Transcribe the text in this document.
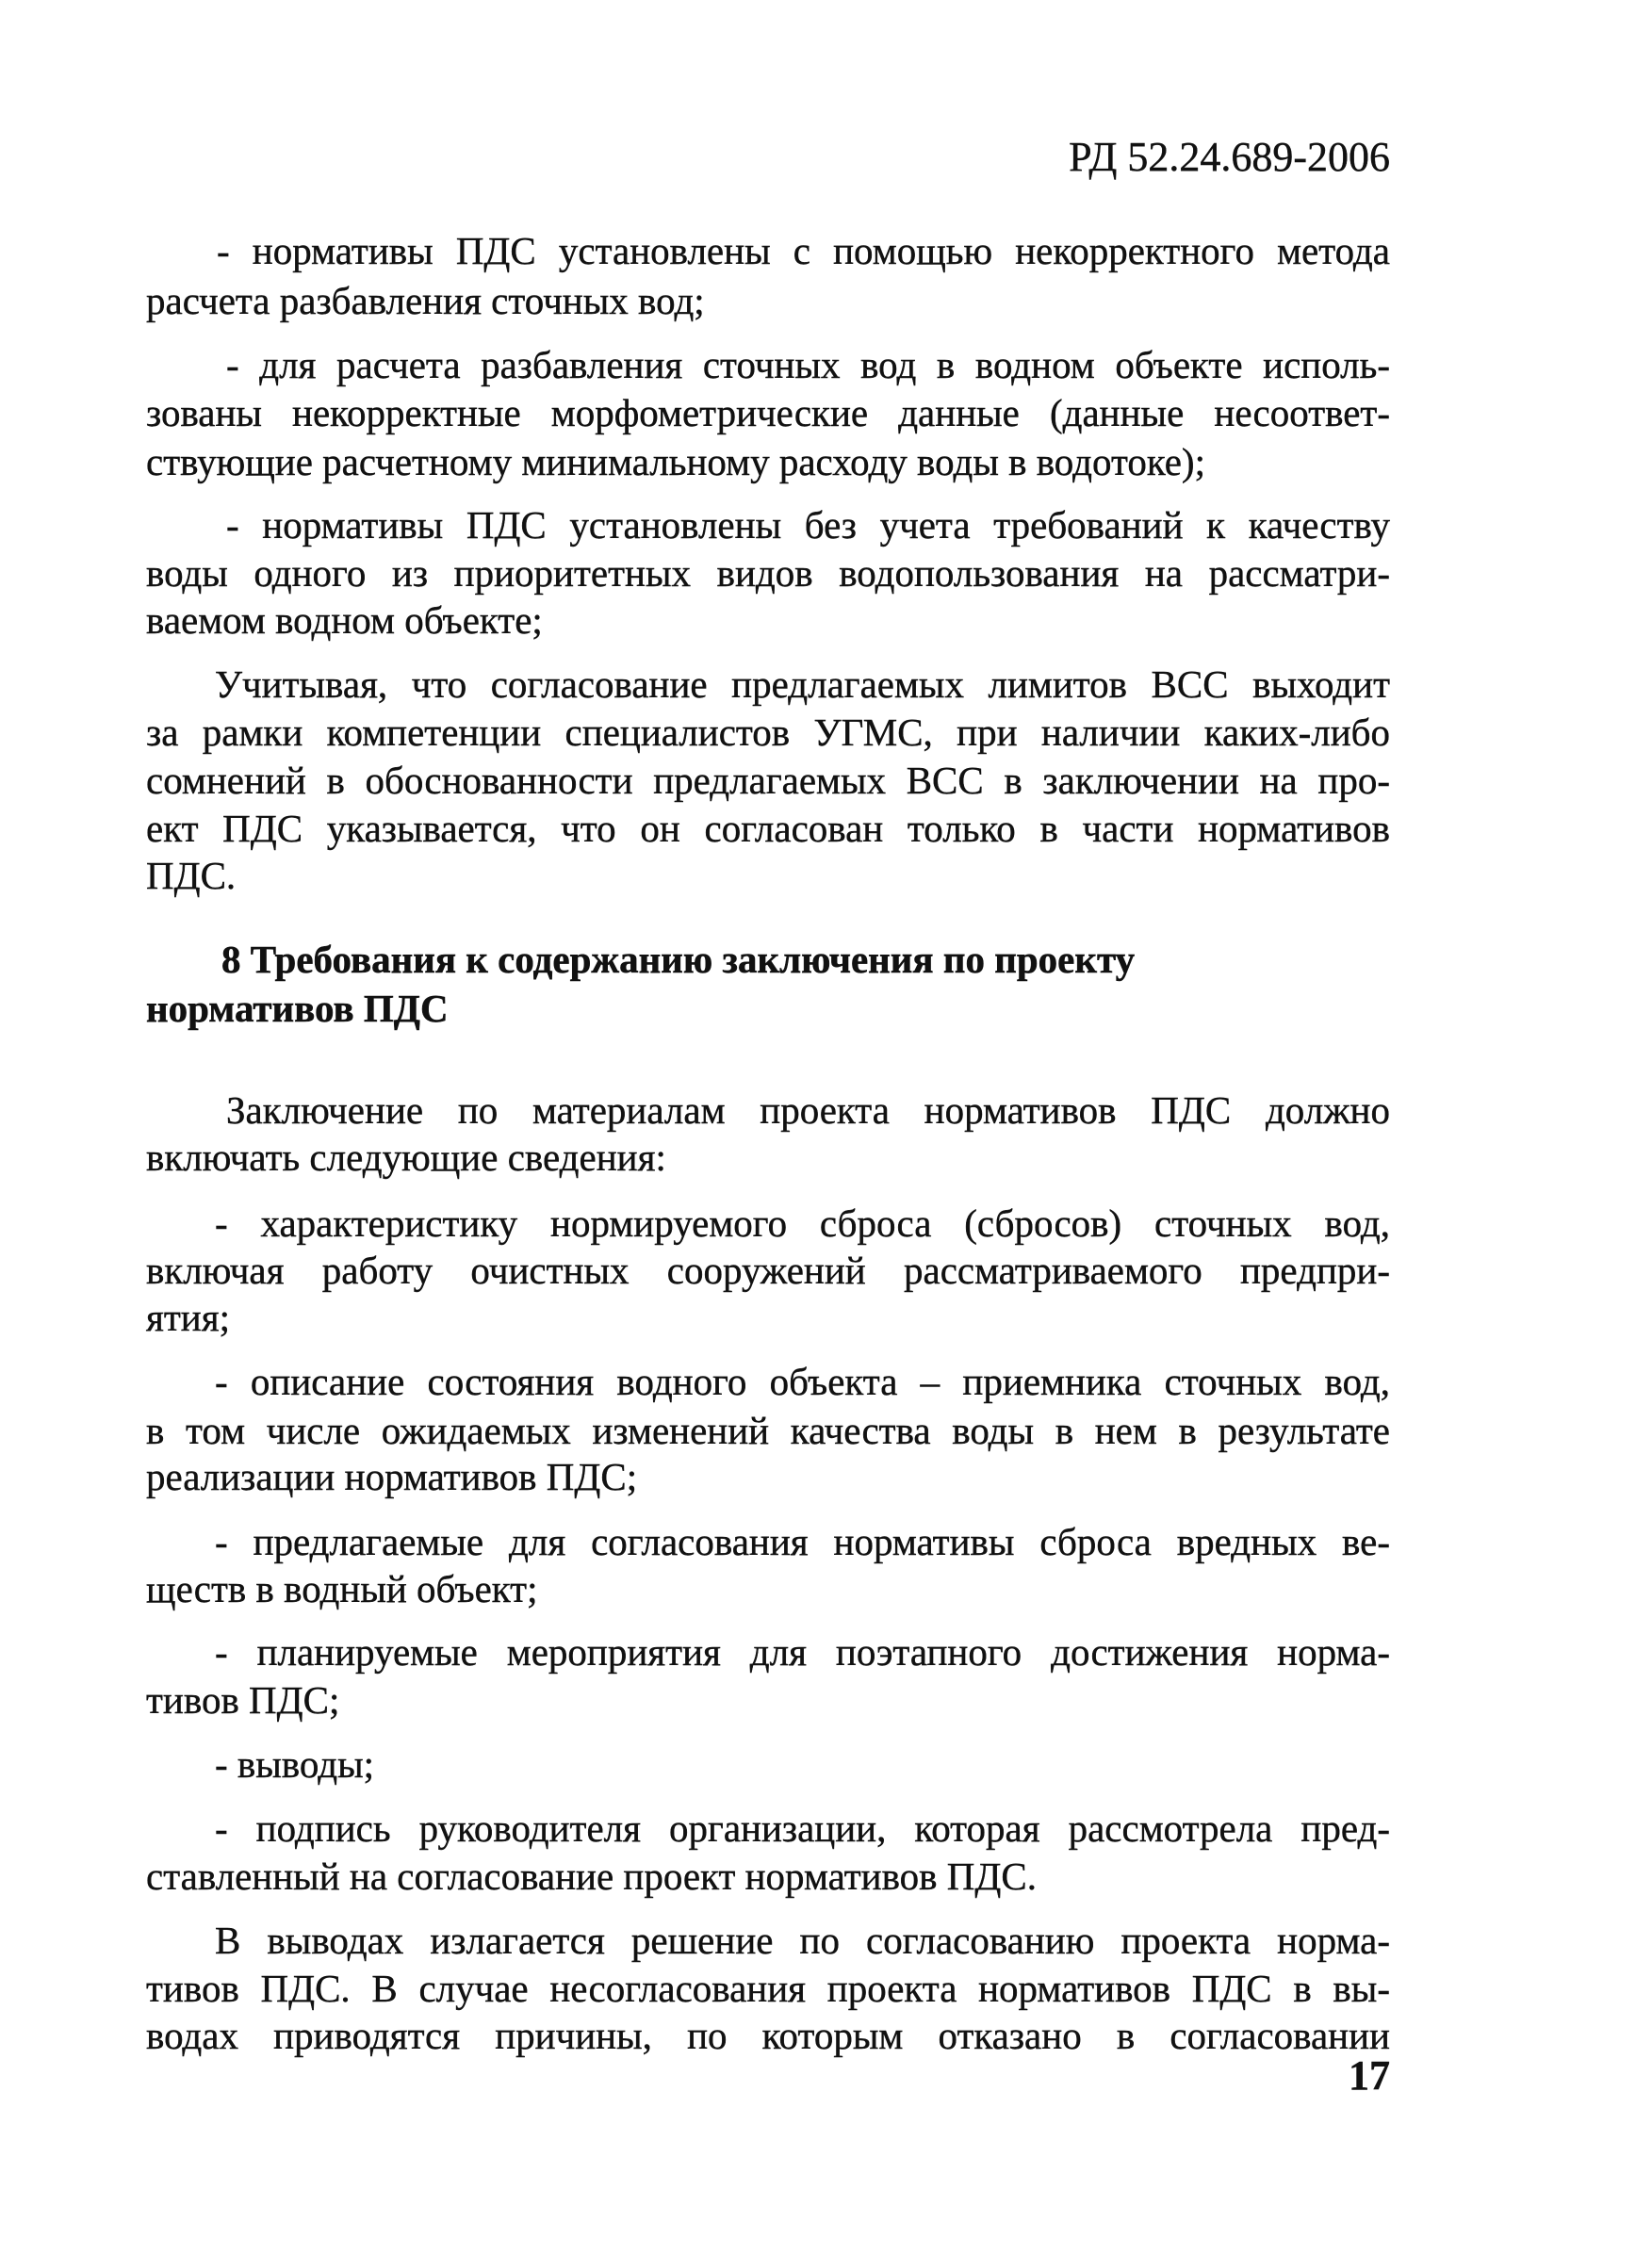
РД 52.24.689-2006
- нормативы ПДС установлены с помощью некорректного метода
расчета разбавления сточных вод;
- для расчета разбавления сточных вод в водном объекте исполь-
зованы некорректные морфометрические данные (данные несоответ-
ствующие расчетному минимальному расходу воды в водотоке);
- нормативы ПДС установлены без учета требований к качеству
воды одного из приоритетных видов водопользования на рассматри-
ваемом водном объекте;
Учитывая, что согласование предлагаемых лимитов ВСС выходит
за рамки компетенции специалистов УГМС, при наличии каких-либо
сомнений в обоснованности предлагаемых ВСС в заключении на про-
ект ПДС указывается, что он согласован только в части нормативов
ПДС.
8 Требования к содержанию заключения по проекту
нормативов ПДС
Заключение по материалам проекта нормативов ПДС должно
включать следующие сведения:
- характеристику нормируемого сброса (сбросов) сточных вод,
включая работу очистных сооружений рассматриваемого предпри-
ятия;
- описание состояния водного объекта – приемника сточных вод,
в том числе ожидаемых изменений качества воды в нем в результате
реализации нормативов ПДС;
- предлагаемые для согласования нормативы сброса вредных ве-
ществ в водный объект;
- планируемые мероприятия для поэтапного достижения норма-
тивов ПДС;
- выводы;
- подпись руководителя организации, которая рассмотрела пред-
ставленный на согласование проект нормативов ПДС.
В выводах излагается решение по согласованию проекта норма-
тивов ПДС. В случае несогласования проекта нормативов ПДС в вы-
водах приводятся причины, по которым отказано в согласовании
17
